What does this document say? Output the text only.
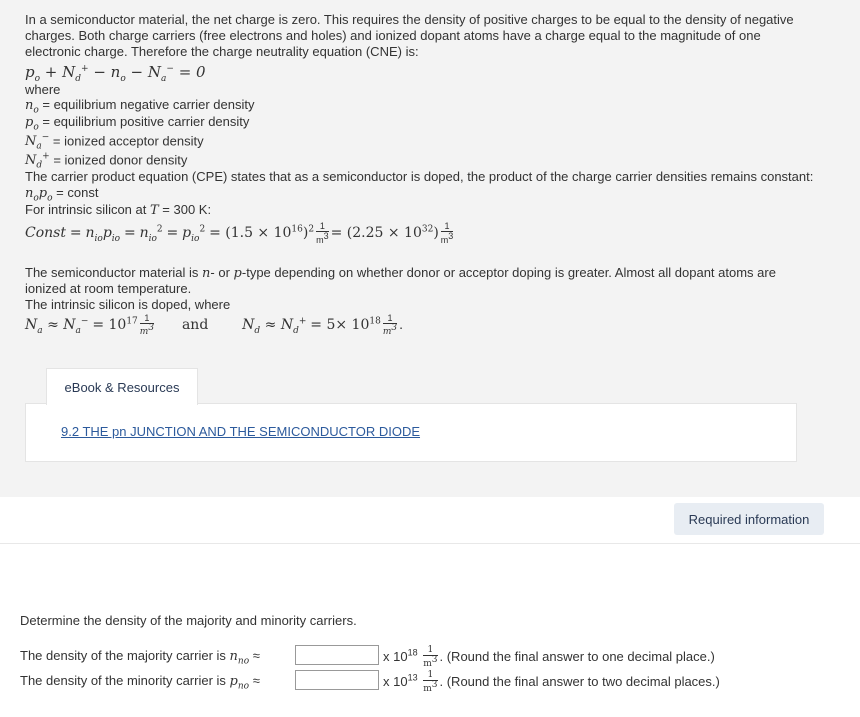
In a semiconductor material, the net charge is zero. This requires the density of positive charges to be equal to the density of negative
charges. Both charge carriers (free electrons and holes) and ionized dopant atoms have a charge equal to the magnitude of one
electronic charge. Therefore the charge neutrality equation (CNE) is:
$p_o + N_d^+ - n_o - N_a^- = 0$
where
$n_o$ = equilibrium negative carrier density
$p_o$ = equilibrium positive carrier density
$N_a^-$ = ionized acceptor density
$N_d^+$ = ionized donor density
The carrier product equation (CPE) states that as a semiconductor is doped, the product of the charge carrier densities remains constant:
$n_op_o$ = const
For intrinsic silicon at T = 300 K:
Const = $n_{io}p_{io} = n_{io}^2 = p_{io}^2 = (1.5 \times 10^{16})^2 \frac{1}{m^3} = (2.25 \times 10^{32}) \frac{1}{m^3}$
The semiconductor material is n- or p-type depending on whether donor or acceptor doping is greater. Almost all dopant atoms are
ionized at room temperature.
The intrinsic silicon is doped, where
$N_a \approx N_a^- = 10^{17} \frac{1}{m^3}$ and $N_d \approx N_d^+ = 5\times 10^{18} \frac{1}{m^3}$ .
eBook & Resources
9.2 THE pn JUNCTION AND THE SEMICONDUCTOR DIODE
Required information
Determine the density of the majority and minority carriers.
The density of the majority carrier is $n_{no}$ ≈	x $10^{18} \frac{1}{m^3}$ . (Round the final answer to one decimal place.)
The density of the minority carrier is $p_{no}$ ≈	x $10^{13} \frac{1}{m^3}$ . (Round the final answer to two decimal places.)
